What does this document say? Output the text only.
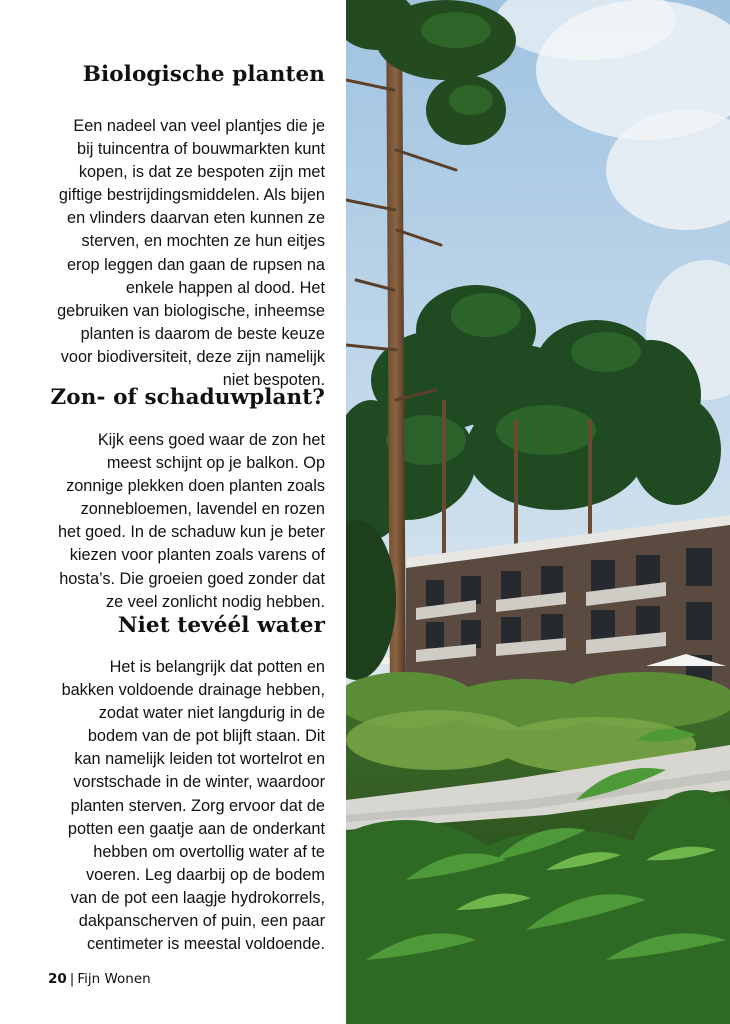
Biologische planten
Een nadeel van veel plantjes die je
bij tuincentra of bouwmarkten kunt
kopen, is dat ze bespoten zijn met
giftige bestrijdingsmiddelen. Als bijen
en vlinders daarvan eten kunnen ze
sterven, en mochten ze hun eitjes
erop leggen dan gaan de rupsen na
enkele happen al dood. Het
gebruiken van biologische, inheemse
planten is daarom de beste keuze
voor biodiversiteit, deze zijn namelijk
niet bespoten.
Zon- of schaduwplant?
Kijk eens goed waar de zon het
meest schijnt op je balkon. Op
zonnige plekken doen planten zoals
zonnebloemen, lavendel en rozen
het goed. In de schaduw kun je beter
kiezen voor planten zoals varens of
hosta’s. Die groeien goed zonder dat
ze veel zonlicht nodig hebben.
Niet tevéél water
Het is belangrijk dat potten en
bakken voldoende drainage hebben,
zodat water niet langdurig in de
bodem van de pot blijft staan. Dit
kan namelijk leiden tot wortelrot en
vorstschade in de winter, waardoor
planten sterven. Zorg ervoor dat de
potten een gaatje aan de onderkant
hebben om overtollig water af te
voeren. Leg daarbij op de bodem
van de pot een laagje hydrokorrels,
dakpanscherven of puin, een paar
centimeter is meestal voldoende.
20 | Fijn Wonen
